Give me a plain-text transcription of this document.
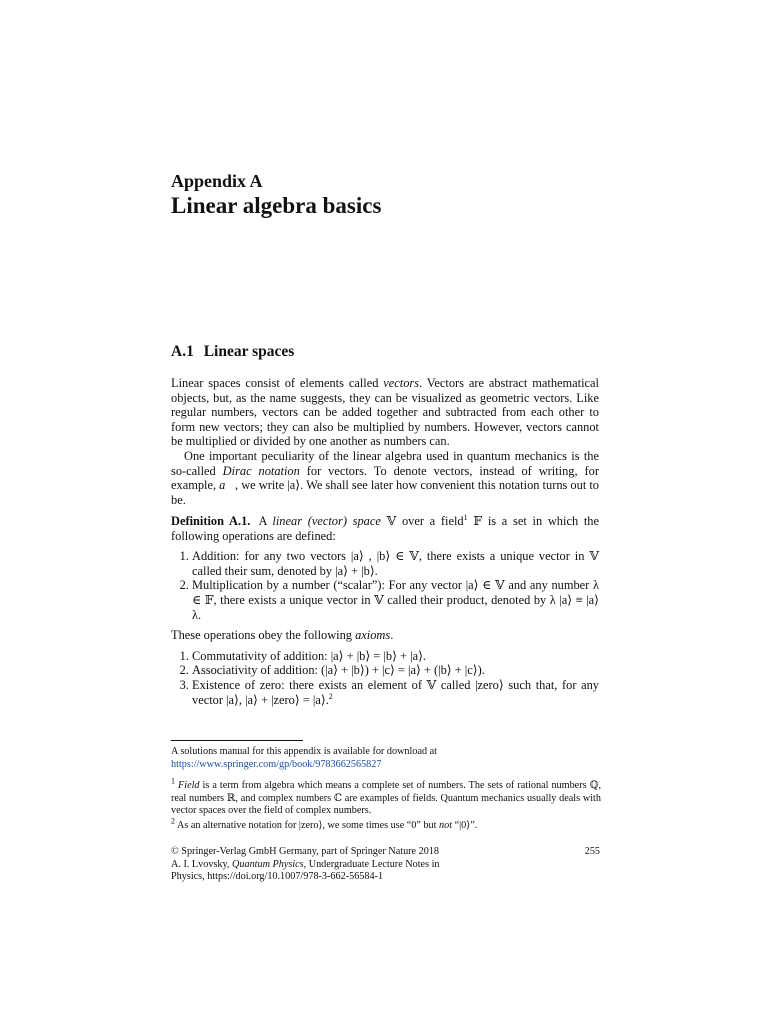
Appendix A
Linear algebra basics
A.1 Linear spaces

Linear spaces consist of elements called vectors. Vectors are abstract mathematical objects, but, as the name suggests, they can be visualized as geometric vectors. Like regular numbers, vectors can be added together and subtracted from each other to form new vectors; they can also be multiplied by numbers. However, vectors cannot be multiplied or divided by one another as numbers can.

One important peculiarity of the linear algebra used in quantum mechanics is the so-called Dirac notation for vectors. To denote vectors, instead of writing, for example, a⃗, we write |a⟩. We shall see later how convenient this notation turns out to be.

Definition A.1. A linear (vector) space 𝕍 over a field$^1$ 𝔽 is a set in which the following operations are defined:

1. Addition: for any two vectors |a⟩ , |b⟩ ∈ 𝕍, there exists a unique vector in 𝕍 called their sum, denoted by |a⟩ + |b⟩.
2. Multiplication by a number (“scalar”): For any vector |a⟩ ∈ 𝕍 and any number λ ∈ 𝔽, there exists a unique vector in 𝕍 called their product, denoted by λ |a⟩ ≡ |a⟩ λ.

These operations obey the following axioms.

1. Commutativity of addition: |a⟩ + |b⟩ = |b⟩ + |a⟩.
2. Associativity of addition: (|a⟩ + |b⟩) + |c⟩ = |a⟩ + (|b⟩ + |c⟩).
3. Existence of zero: there exists an element of 𝕍 called |zero⟩ such that, for any vector |a⟩, |a⟩ + |zero⟩ = |a⟩.$^2$
A solutions manual for this appendix is available for download at
https://www.springer.com/gp/book/9783662565827
$^1$ Field is a term from algebra which means a complete set of numbers. The sets of rational numbers ℚ, real numbers ℝ, and complex numbers ℂ are examples of fields. Quantum mechanics usually deals with vector spaces over the field of complex numbers.
$^2$ As an alternative notation for |zero⟩, we some times use “0” but not “|0⟩”.
© Springer-Verlag GmbH Germany, part of Springer Nature 2018
A. I. Lvovsky, Quantum Physics, Undergraduate Lecture Notes in
Physics, https://doi.org/10.1007/978-3-662-56584-1
255
